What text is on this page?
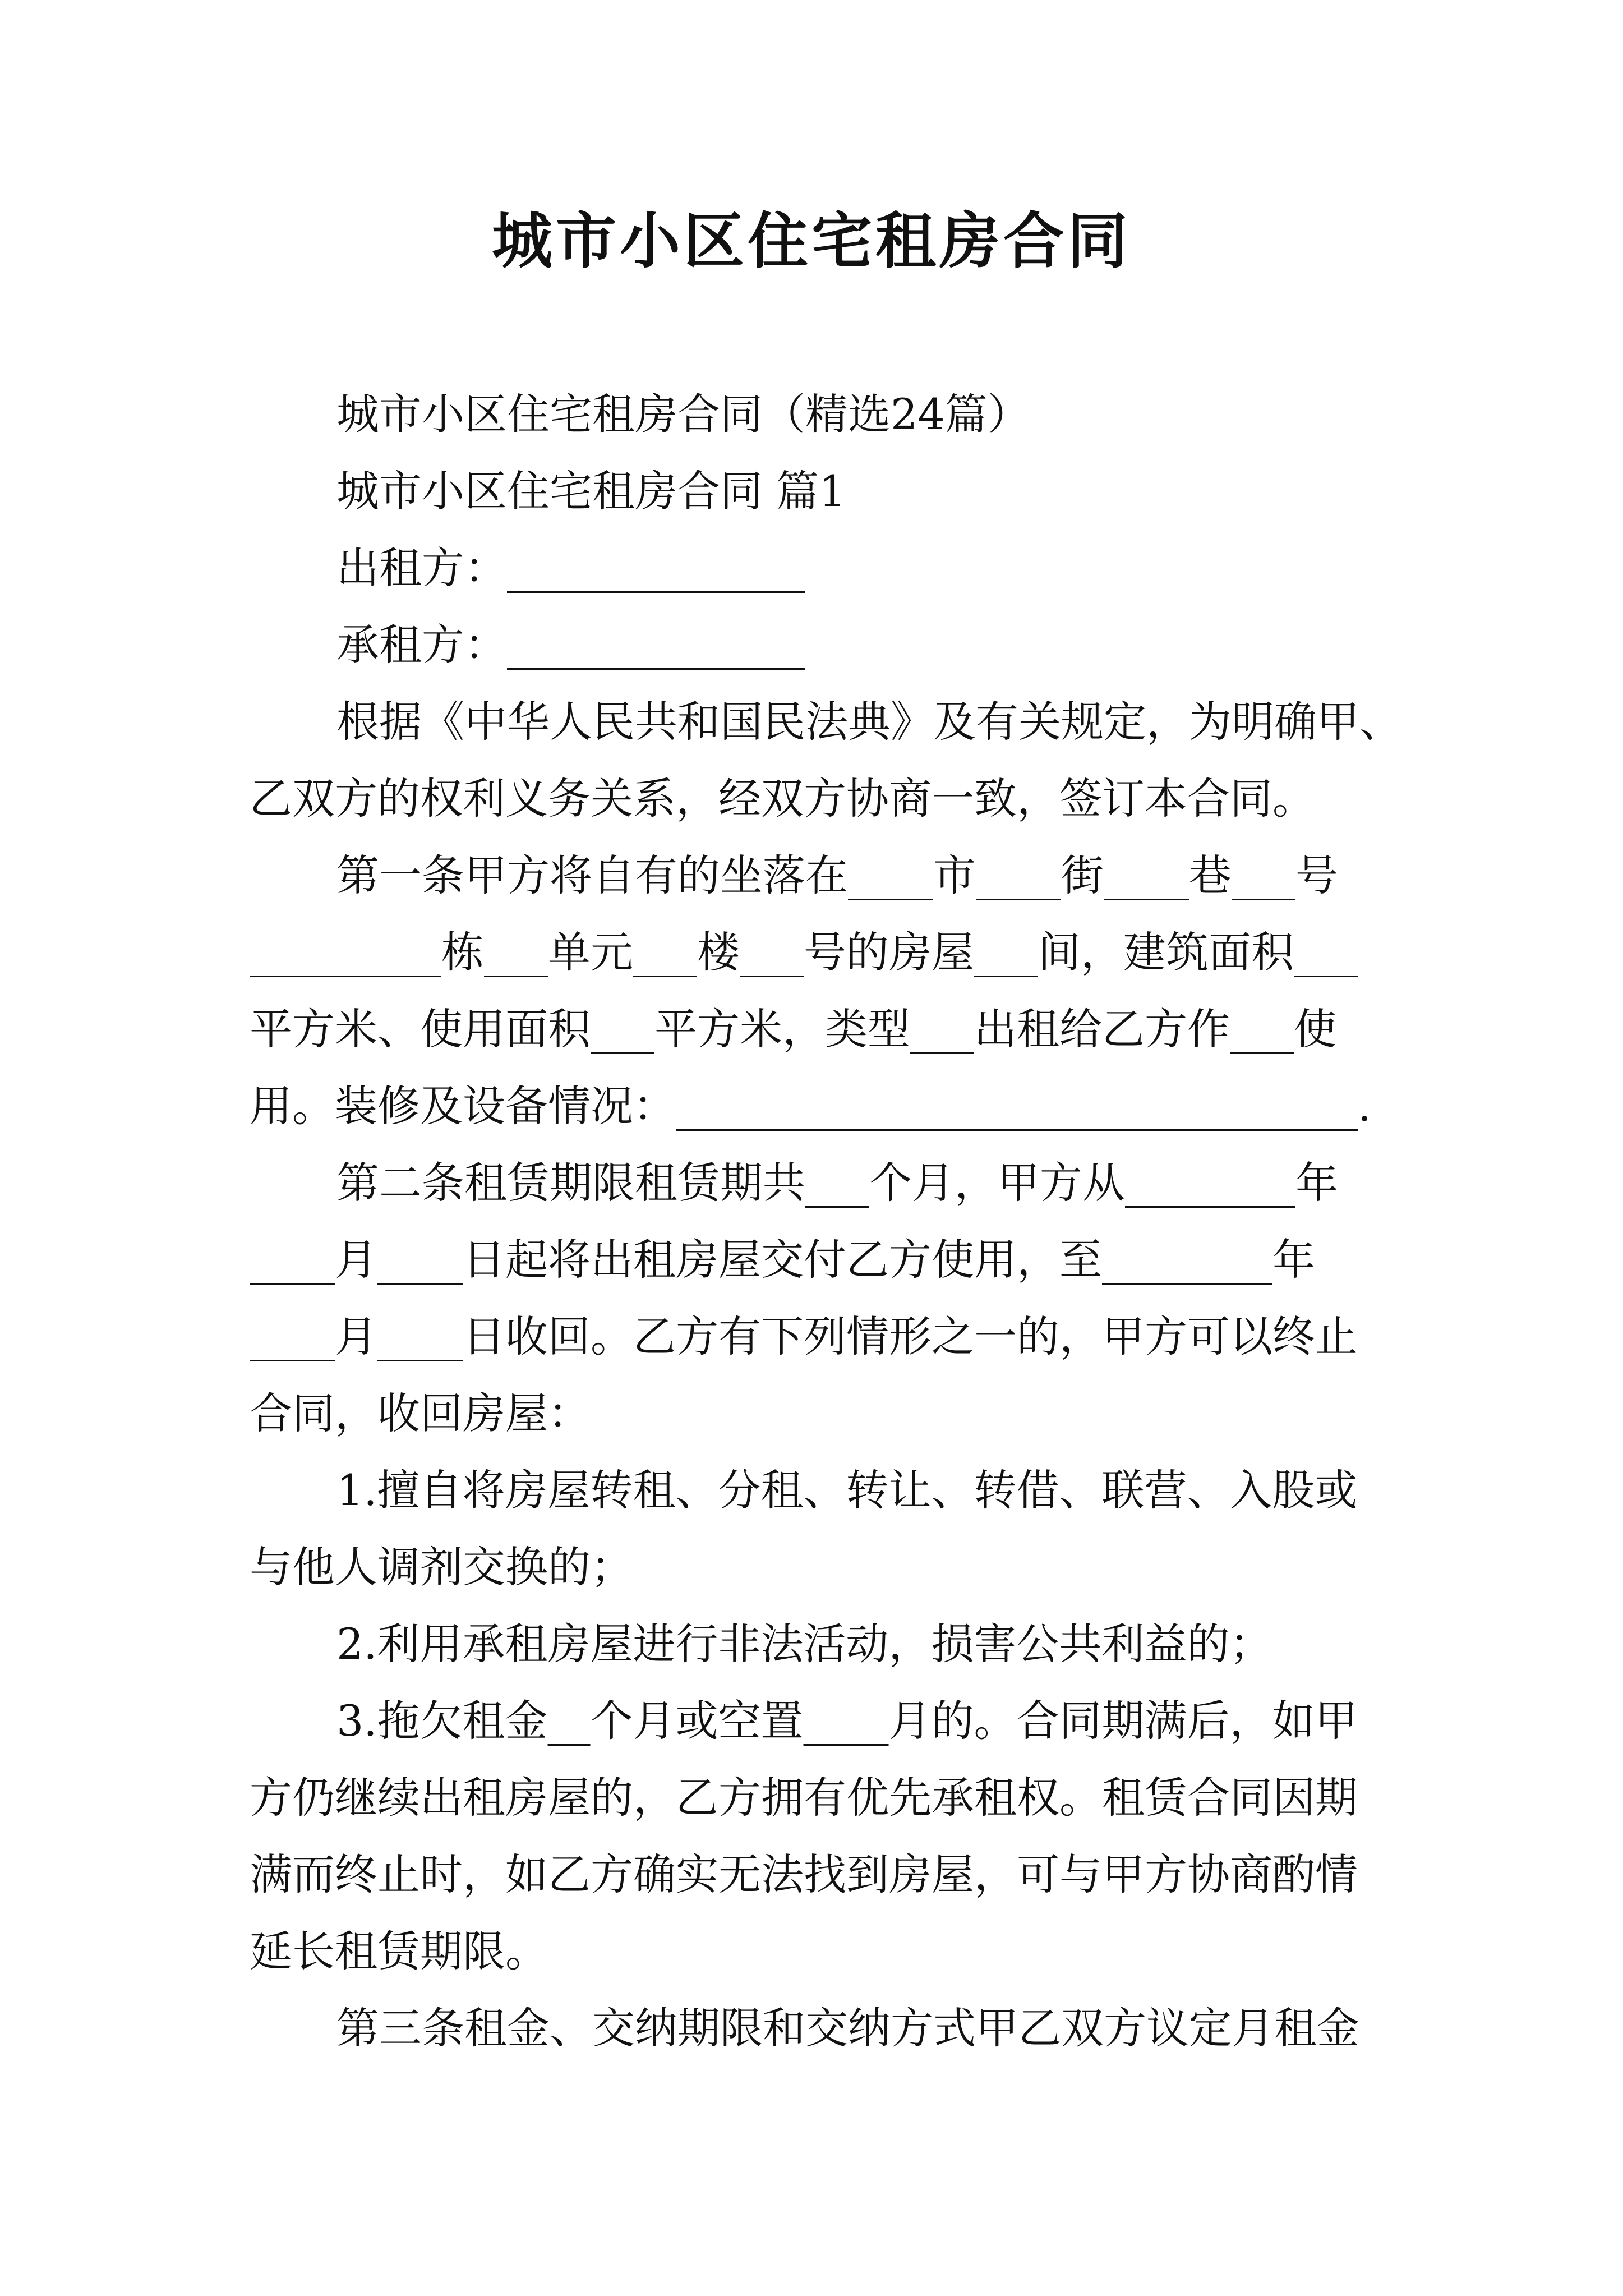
城市小区住宅租房合同

城市小区住宅租房合同（精选24篇）

城市小区住宅租房合同 篇1

出租方：______________

承租方：______________

根据《中华人民共和国民法典》及有关规定，为明确甲、

乙双方的权利义务关系，经双方协商一致，签订本合同。

第一条甲方将自有的坐落在____市____街____巷___号

_________栋___单元___楼___号的房屋___间，建筑面积___

平方米、使用面积___平方米，类型___出租给乙方作___使

用。装修及设备情况：________________________________.

第二条租赁期限租赁期共___个月，甲方从________年

____月____日起将出租房屋交付乙方使用，至________年

____月____日收回。乙方有下列情形之一的，甲方可以终止

合同，收回房屋：

1.擅自将房屋转租、分租、转让、转借、联营、入股或

与他人调剂交换的；

2.利用承租房屋进行非法活动，损害公共利益的；

3.拖欠租金__个月或空置____月的。合同期满后，如甲

方仍继续出租房屋的，乙方拥有优先承租权。租赁合同因期

满而终止时，如乙方确实无法找到房屋，可与甲方协商酌情

延长租赁期限。

第三条租金、交纳期限和交纳方式甲乙双方议定月租金
